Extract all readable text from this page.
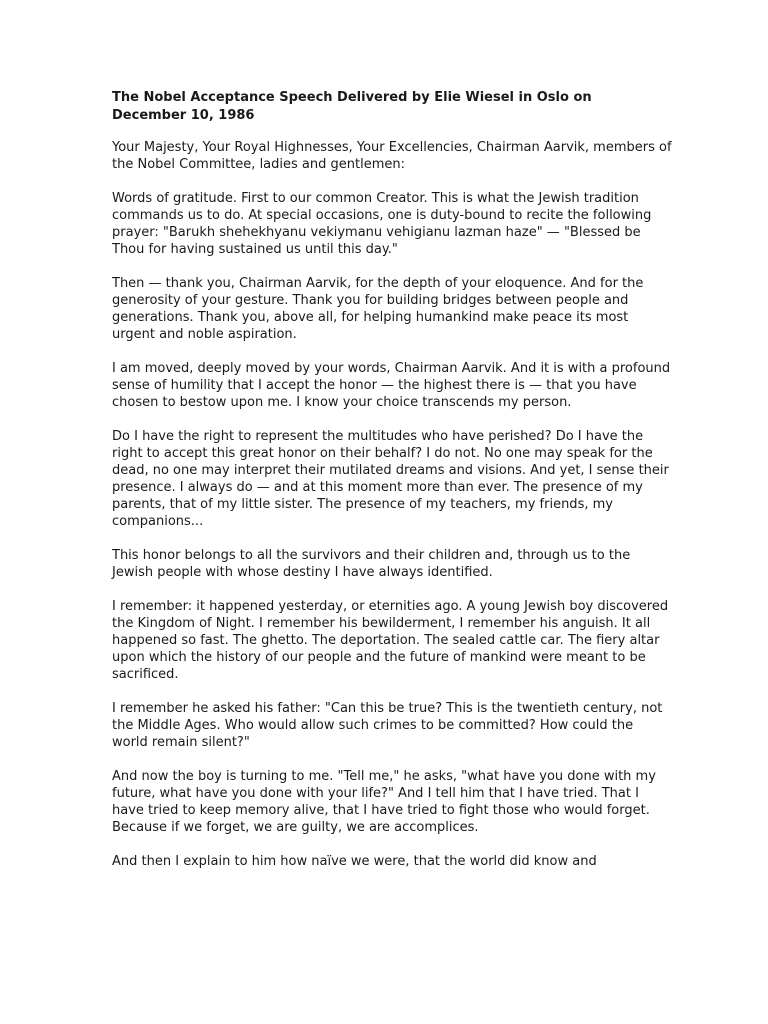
The Nobel Acceptance Speech Delivered by Elie Wiesel in Oslo on December 10, 1986

Your Majesty, Your Royal Highnesses, Your Excellencies, Chairman Aarvik, members of the Nobel Committee, ladies and gentlemen:

Words of gratitude. First to our common Creator. This is what the Jewish tradition commands us to do. At special occasions, one is duty-bound to recite the following prayer: "Barukh shehekhyanu vekiymanu vehigianu lazman haze" — "Blessed be Thou for having sustained us until this day."

Then — thank you, Chairman Aarvik, for the depth of your eloquence. And for the generosity of your gesture. Thank you for building bridges between people and generations. Thank you, above all, for helping humankind make peace its most urgent and noble aspiration.

I am moved, deeply moved by your words, Chairman Aarvik. And it is with a profound sense of humility that I accept the honor — the highest there is — that you have chosen to bestow upon me. I know your choice transcends my person.

Do I have the right to represent the multitudes who have perished? Do I have the right to accept this great honor on their behalf? I do not. No one may speak for the dead, no one may interpret their mutilated dreams and visions. And yet, I sense their presence. I always do — and at this moment more than ever. The presence of my parents, that of my little sister. The presence of my teachers, my friends, my companions...

This honor belongs to all the survivors and their children and, through us to the Jewish people with whose destiny I have always identified.

I remember: it happened yesterday, or eternities ago. A young Jewish boy discovered the Kingdom of Night. I remember his bewilderment, I remember his anguish. It all happened so fast. The ghetto. The deportation. The sealed cattle car. The fiery altar upon which the history of our people and the future of mankind were meant to be sacrificed.

I remember he asked his father: "Can this be true? This is the twentieth century, not the Middle Ages. Who would allow such crimes to be committed? How could the world remain silent?"

And now the boy is turning to me. "Tell me," he asks, "what have you done with my future, what have you done with your life?" And I tell him that I have tried. That I have tried to keep memory alive, that I have tried to fight those who would forget. Because if we forget, we are guilty, we are accomplices.

And then I explain to him how naïve we were, that the world did know and
